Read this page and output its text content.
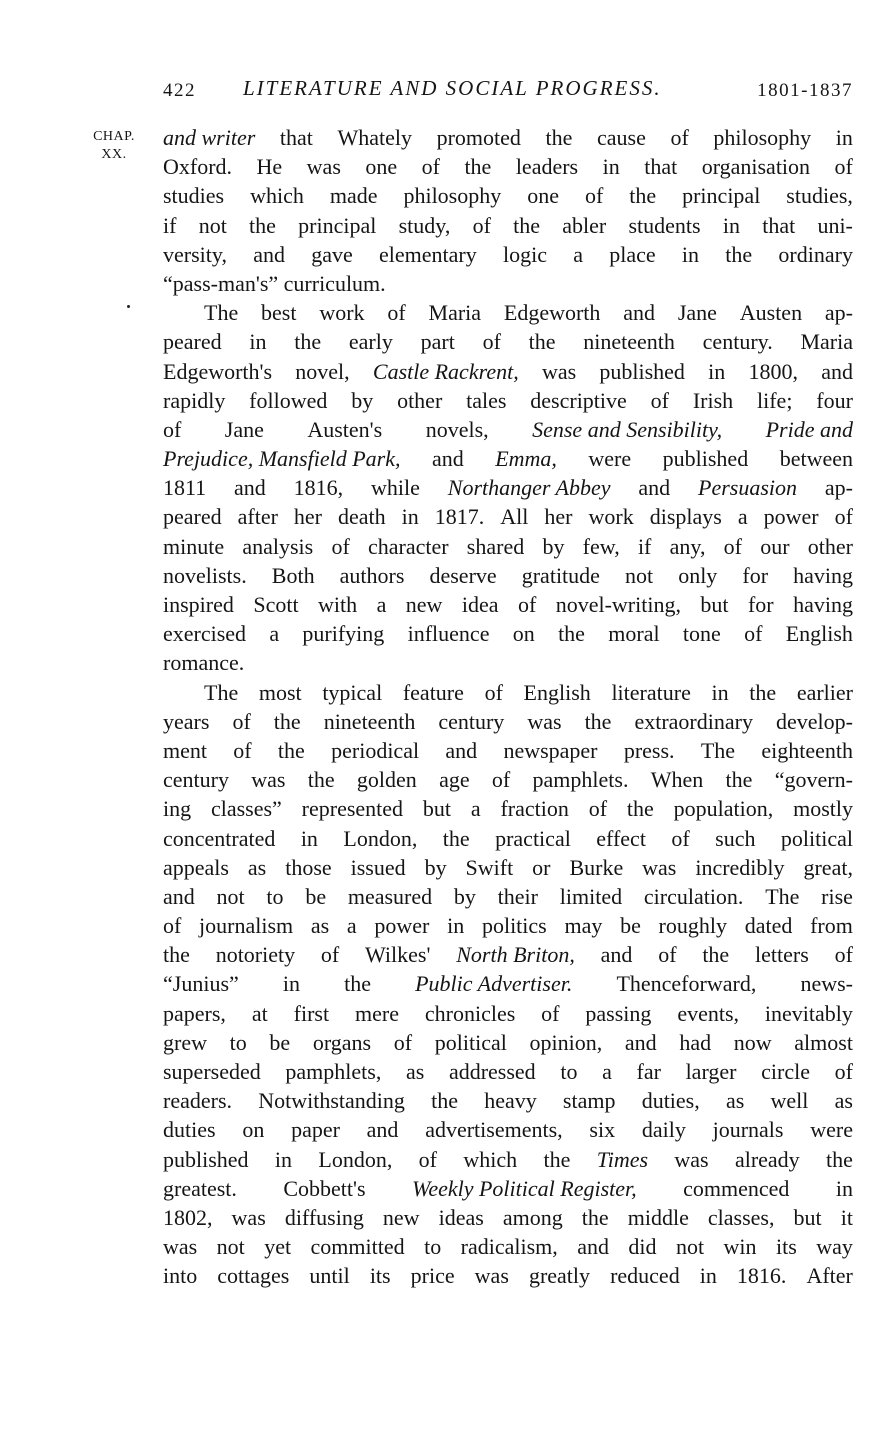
422 LITERATURE AND SOCIAL PROGRESS.	1801-1837
CHAP.
XX.
and writer that Whately promoted the cause of philosophy in
Oxford. He was one of the leaders in that organisation of
studies which made philosophy one of the principal studies,
if not the principal study, of the abler students in that uni-
versity, and gave elementary logic a place in the ordinary
“pass-man's” curriculum.
The best work of Maria Edgeworth and Jane Austen ap-
peared in the early part of the nineteenth century. Maria
Edgeworth's novel, Castle Rackrent, was published in 1800, and
rapidly followed by other tales descriptive of Irish life; four
of Jane Austen's novels, Sense and Sensibility, Pride and
Prejudice, Mansfield Park, and Emma, were published between
1811 and 1816, while Northanger Abbey and Persuasion ap-
peared after her death in 1817. All her work displays a power of
minute analysis of character shared by few, if any, of our other
novelists. Both authors deserve gratitude not only for having
inspired Scott with a new idea of novel-writing, but for having
exercised a purifying influence on the moral tone of English
romance.
The most typical feature of English literature in the earlier
years of the nineteenth century was the extraordinary develop-
ment of the periodical and newspaper press. The eighteenth
century was the golden age of pamphlets. When the “govern-
ing classes” represented but a fraction of the population, mostly
concentrated in London, the practical effect of such political
appeals as those issued by Swift or Burke was incredibly great,
and not to be measured by their limited circulation. The rise
of journalism as a power in politics may be roughly dated from
the notoriety of Wilkes' North Briton, and of the letters of
“Junius” in the Public Advertiser. Thenceforward, news-
papers, at first mere chronicles of passing events, inevitably
grew to be organs of political opinion, and had now almost
superseded pamphlets, as addressed to a far larger circle of
readers. Notwithstanding the heavy stamp duties, as well as
duties on paper and advertisements, six daily journals were
published in London, of which the Times was already the
greatest. Cobbett's Weekly Political Register, commenced in
1802, was diffusing new ideas among the middle classes, but it
was not yet committed to radicalism, and did not win its way
into cottages until its price was greatly reduced in 1816. After
